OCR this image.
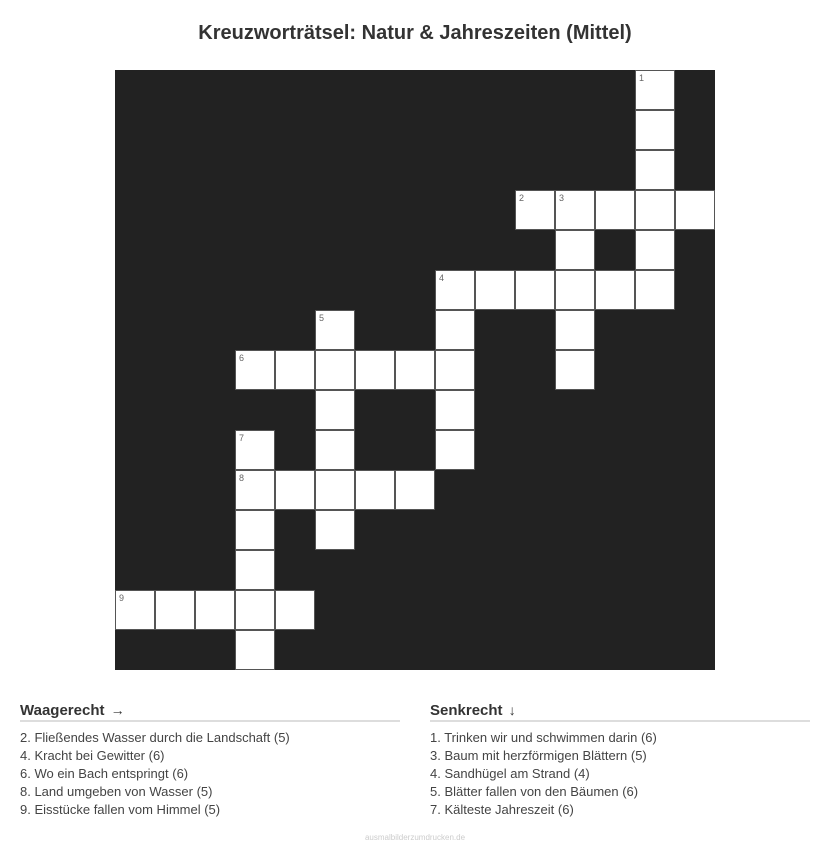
Kreuzworträtsel: Natur & Jahreszeiten (Mittel)
1
2	3
4
5
6
7
8
9
Waagerecht →
2. Fließendes Wasser durch die Landschaft (5)
4. Kracht bei Gewitter (6)
6. Wo ein Bach entspringt (6)
8. Land umgeben von Wasser (5)
9. Eisstücke fallen vom Himmel (5)
Senkrecht ↓
1. Trinken wir und schwimmen darin (6)
3. Baum mit herzförmigen Blättern (5)
4. Sandhügel am Strand (4)
5. Blätter fallen von den Bäumen (6)
7. Kälteste Jahreszeit (6)
ausmalbilderzumdrucken.de
